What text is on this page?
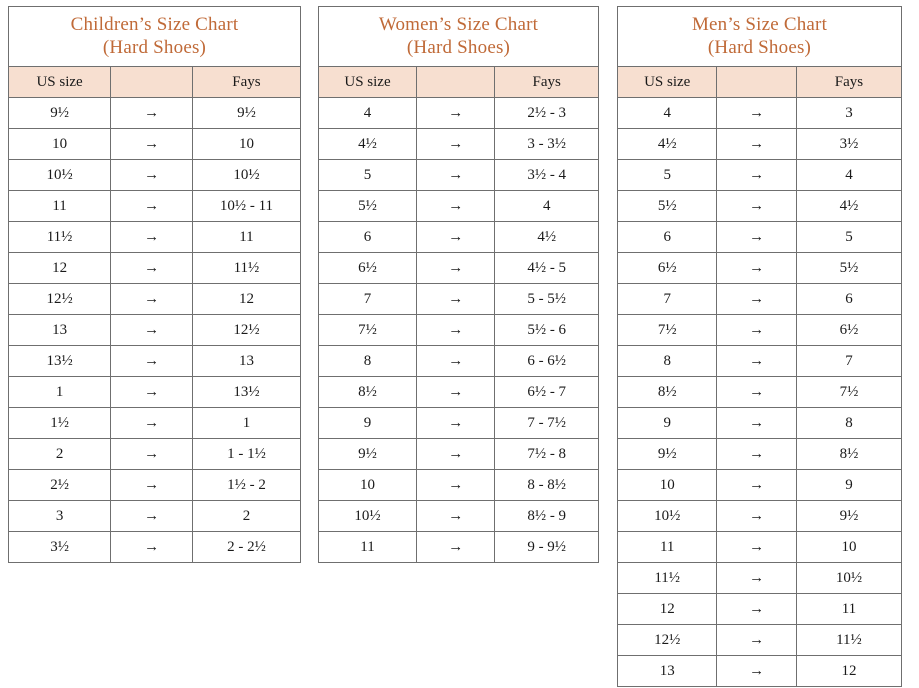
Children’s Size Chart
(Hard Shoes)		

US size		Fays
9½	→	9½
10	→	10
10½	→	10½
11	→	10½ - 11
11½	→	11
12	→	11½
12½	→	12
13	→	12½
13½	→	13
1	→	13½
1½	→	1
2	→	1 - 1½
2½	→	1½ - 2
3	→	2
3½	→	2 - 2½
Women’s Size Chart
(Hard Shoes)		

US size		Fays
4	→	2½ - 3
4½	→	3 - 3½
5	→	3½ - 4
5½	→	4
6	→	4½
6½	→	4½ - 5
7	→	5 - 5½
7½	→	5½ - 6
8	→	6 - 6½
8½	→	6½ - 7
9	→	7 - 7½
9½	→	7½ - 8
10	→	8 - 8½
10½	→	8½ - 9
11	→	9 - 9½
Men’s Size Chart
(Hard Shoes)		

US size		Fays
4	→	3
4½	→	3½
5	→	4
5½	→	4½
6	→	5
6½	→	5½
7	→	6
7½	→	6½
8	→	7
8½	→	7½
9	→	8
9½	→	8½
10	→	9
10½	→	9½
11	→	10
11½	→	10½
12	→	11
12½	→	11½
13	→	12
